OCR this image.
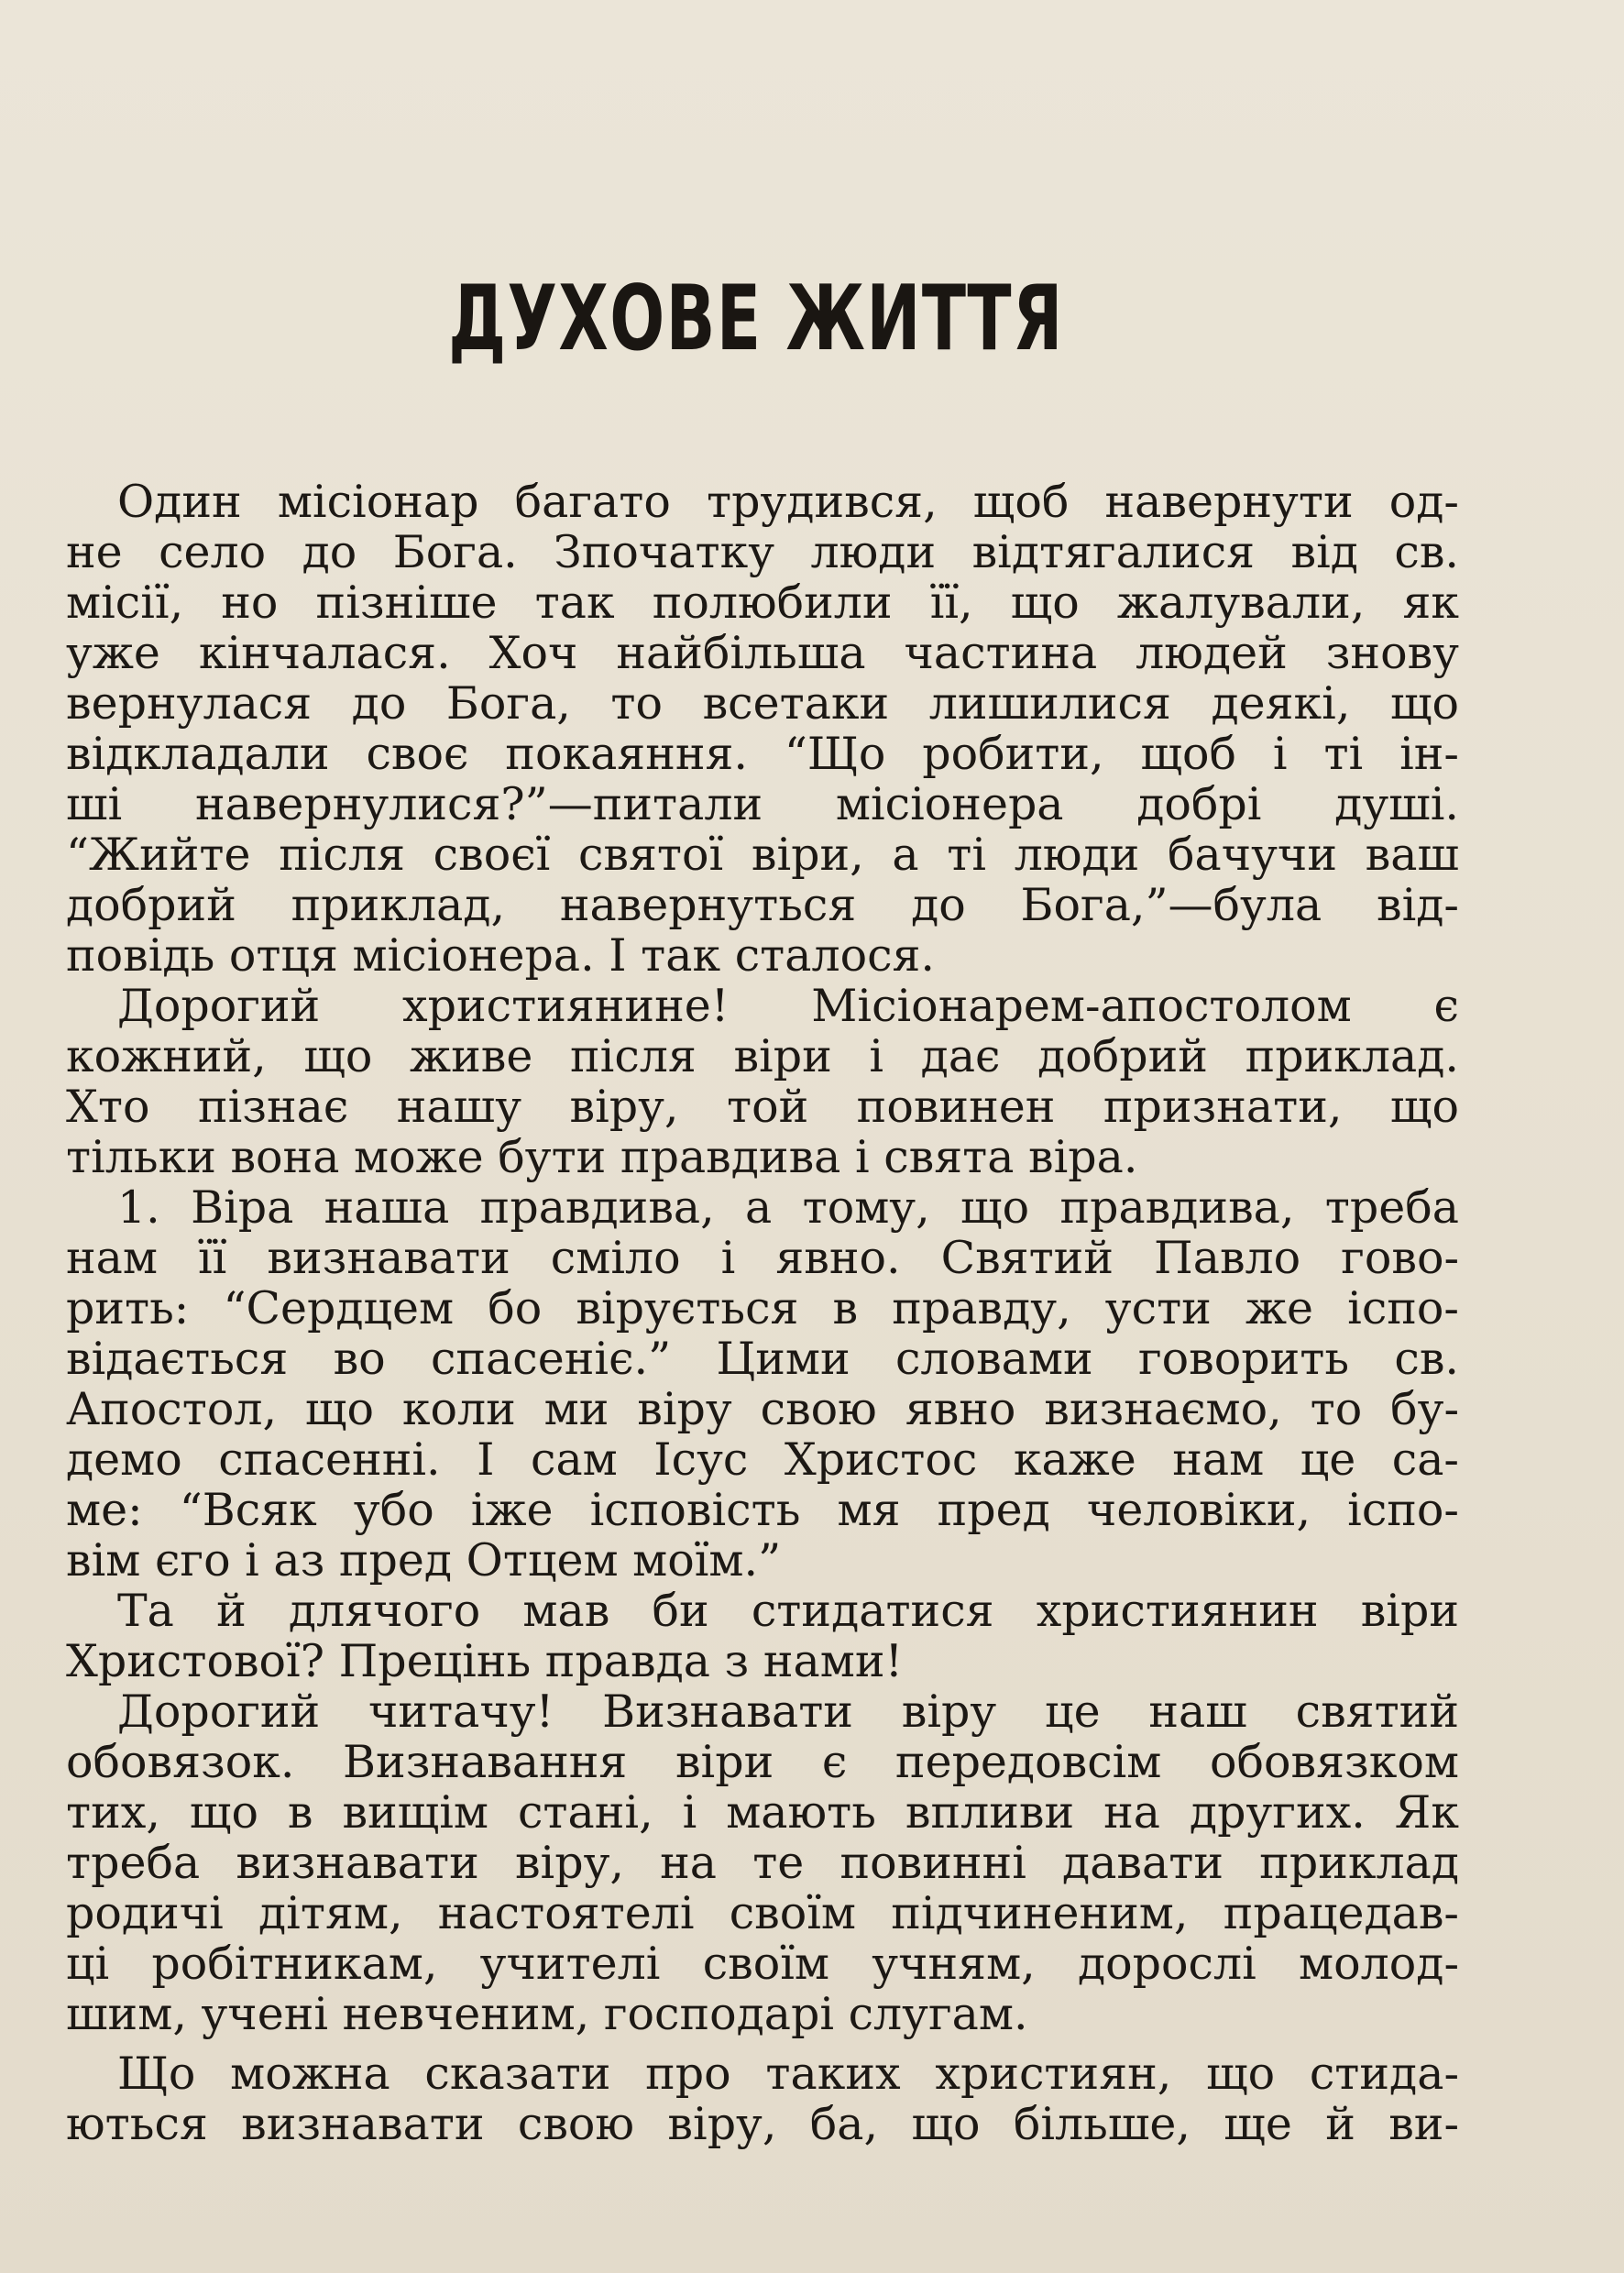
ДУХОВЕ ЖИТТЯ
Один місіонар багато трудився, щоб навернути од-
не село до Бога. Зпочатку люди відтягалися від св.
місії, но пізніше так полюбили її, що жалували, як
уже кінчалася. Хоч найбільша частина людей знову
вернулася до Бога, то всетаки лишилися деякі, що
відкладали своє покаяння. “Що робити, щоб і ті ін-
ші навернулися?”—питали місіонера добрі душі.
“Жийте після своєї святої віри, а ті люди бачучи ваш
добрий приклад, навернуться до Бога,”—була від-
повідь отця місіонера. І так сталося.
Дорогий християнине! Місіонарем-апостолом є
кожний, що живе після віри і дає добрий приклад.
Хто пізнає нашу віру, той повинен признати, що
тільки вона може бути правдива і свята віра.
1. Віра наша правдива, а тому, що правдива, треба
нам її визнавати сміло і явно. Святий Павло гово-
рить: “Сердцем бо вірується в правду, усти же іспо-
відається во спасеніє.” Цими словами говорить св.
Апостол, що коли ми віру свою явно визнаємо, то бу-
демо спасенні. І сам Ісус Христос каже нам це са-
ме: “Всяк убо іже ісповість мя пред человіки, іспо-
вім єго і аз пред Отцем моїм.”
Та й длячого мав би стидатися християнин віри
Христової? Прецінь правда з нами!
Дорогий читачу! Визнавати віру це наш святий
обовязок. Визнавання віри є передовсім обовязком
тих, що в вищім стані, і мають впливи на других. Як
треба визнавати віру, на те повинні давати приклад
родичі дітям, настоятелі своїм підчиненим, працедав-
ці робітникам, учителі своїм учням, дорослі молод-
шим, учені невченим, господарі слугам.
Що можна сказати про таких християн, що стида-
ються визнавати свою віру, ба, що більше, ще й ви-
